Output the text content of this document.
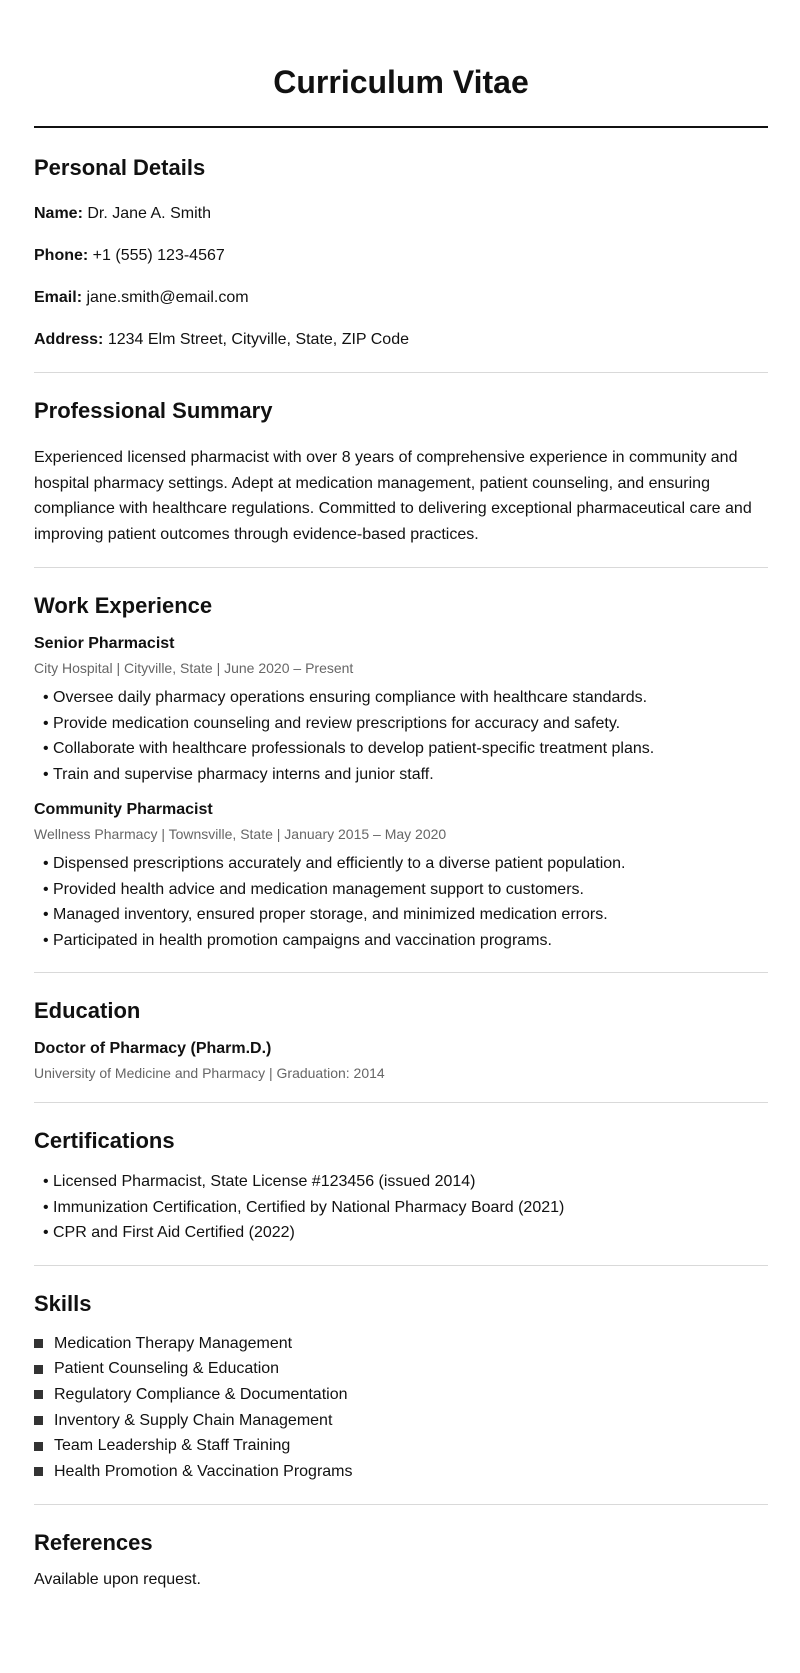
Curriculum Vitae
Personal Details

Name: Dr. Jane A. Smith

Phone: +1 (555) 123-4567

Email: jane.smith@email.com

Address: 1234 Elm Street, Cityville, State, ZIP Code

Professional Summary

Experienced licensed pharmacist with over 8 years of comprehensive experience in community and hospital pharmacy settings. Adept at medication management, patient counseling, and ensuring compliance with healthcare regulations. Committed to delivering exceptional pharmaceutical care and improving patient outcomes through evidence-based practices.

Work Experience

Senior Pharmacist

City Hospital | Cityville, State | June 2020 – Present

• Oversee daily pharmacy operations ensuring compliance with healthcare standards.
• Provide medication counseling and review prescriptions for accuracy and safety.
• Collaborate with healthcare professionals to develop patient-specific treatment plans.
• Train and supervise pharmacy interns and junior staff.

Community Pharmacist

Wellness Pharmacy | Townsville, State | January 2015 – May 2020

• Dispensed prescriptions accurately and efficiently to a diverse patient population.
• Provided health advice and medication management support to customers.
• Managed inventory, ensured proper storage, and minimized medication errors.
• Participated in health promotion campaigns and vaccination programs.
Education

Doctor of Pharmacy (Pharm.D.)

University of Medicine and Pharmacy | Graduation: 2014

Certifications
• Licensed Pharmacist, State License #123456 (issued 2014)
• Immunization Certification, Certified by National Pharmacy Board (2021)
• CPR and First Aid Certified (2022)
Skills
Medication Therapy Management
Patient Counseling & Education
Regulatory Compliance & Documentation
Inventory & Supply Chain Management
Team Leadership & Staff Training
Health Promotion & Vaccination Programs
References

Available upon request.
